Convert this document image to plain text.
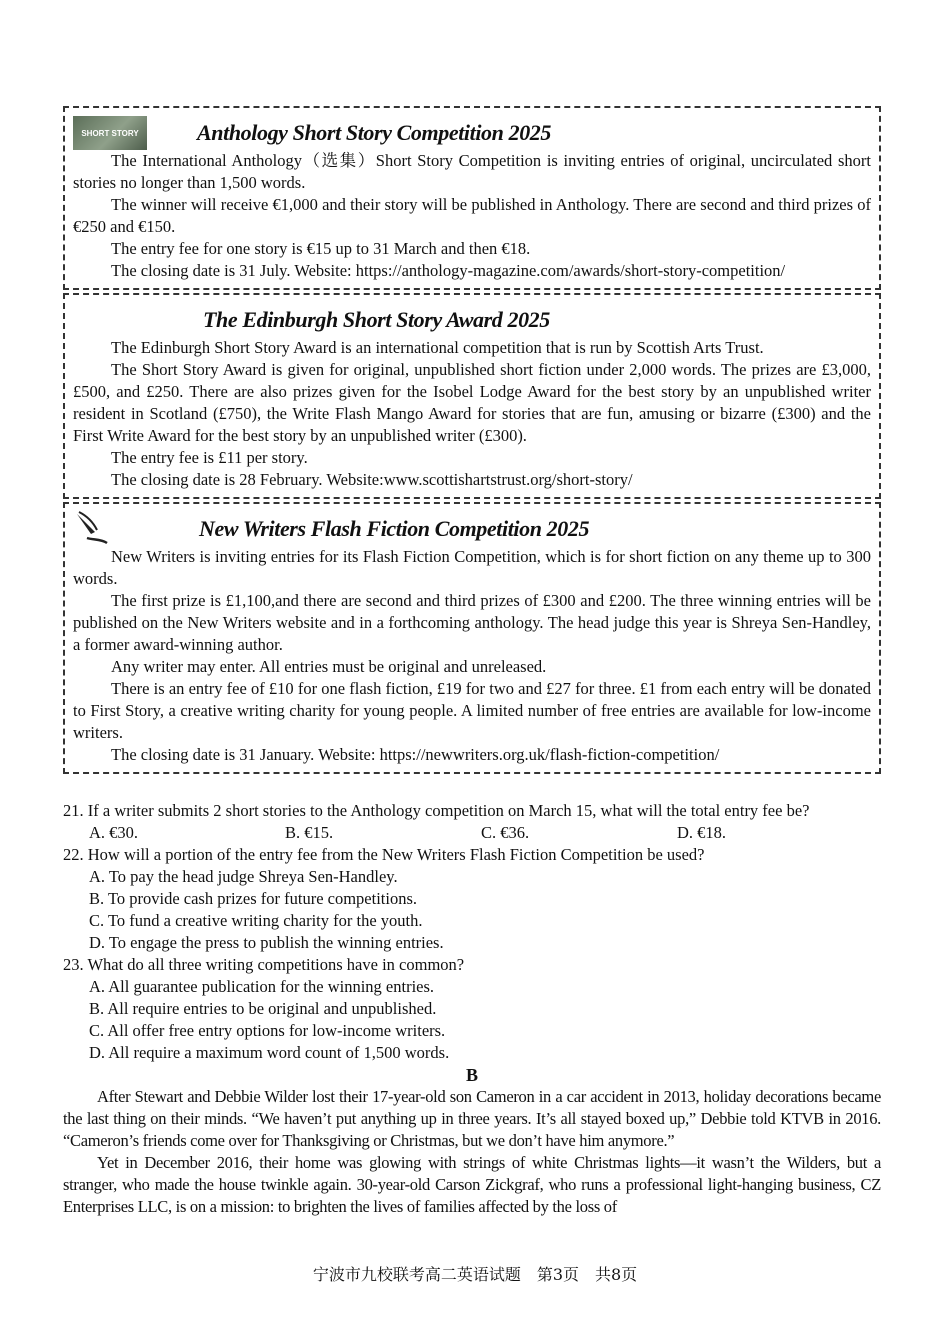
SHORT STORY	Anthology Short Story Competition 2025

The International Anthology（选集）Short Story Competition is inviting entries of original, uncirculated short stories no longer than 1,500 words.

The winner will receive €1,000 and their story will be published in Anthology. There are second and third prizes of €250 and €150.

The entry fee for one story is €15 up to 31 March and then €18.

The closing date is 31 July. Website: https://anthology-magazine.com/awards/short-story-competition/

The Edinburgh Short Story Award 2025

The Edinburgh Short Story Award is an international competition that is run by Scottish Arts Trust.

The Short Story Award is given for original, unpublished short fiction under 2,000 words. The prizes are £3,000, £500, and £250. There are also prizes given for the Isobel Lodge Award for the best story by an unpublished writer resident in Scotland (£750), the Write Flash Mango Award for stories that are fun, amusing or bizarre (£300) and the First Write Award for the best story by an unpublished writer (£300).

The entry fee is £11 per story.

The closing date is 28 February. Website:www.scottishartstrust.org/short-story/

New Writers Flash Fiction Competition 2025

New Writers is inviting entries for its Flash Fiction Competition, which is for short fiction on any theme up to 300 words.

The first prize is £1,100,and there are second and third prizes of £300 and £200. The three winning entries will be published on the New Writers website and in a forthcoming anthology. The head judge this year is Shreya Sen-Handley, a former award-winning author.

Any writer may enter. All entries must be original and unreleased.

There is an entry fee of £10 for one flash fiction, £19 for two and £27 for three. £1 from each entry will be donated to First Story, a creative writing charity for young people. A limited number of free entries are available for low-income writers.

The closing date is 31 January. Website: https://newwriters.org.uk/flash-fiction-competition/

21. If a writer submits 2 short stories to the Anthology competition on March 15, what will the total entry fee be?

A. €30.	B. €15.	C. €36.	D. €18.

22. How will a portion of the entry fee from the New Writers Flash Fiction Competition be used?

A. To pay the head judge Shreya Sen-Handley.
B. To provide cash prizes for future competitions.
C. To fund a creative writing charity for the youth.
D. To engage the press to publish the winning entries.

23. What do all three writing competitions have in common?

A. All guarantee publication for the winning entries.
B. All require entries to be original and unpublished.
C. All offer free entry options for low-income writers.
D. All require a maximum word count of 1,500 words.
B

After Stewart and Debbie Wilder lost their 17-year-old son Cameron in a car accident in 2013, holiday decorations became the last thing on their minds. “We haven’t put anything up in three years. It’s all stayed boxed up,” Debbie told KTVB in 2016. “Cameron’s friends come over for Thanksgiving or Christmas, but we don’t have him anymore.”

Yet in December 2016, their home was glowing with strings of white Christmas lights—it wasn’t the Wilders, but a stranger, who made the house twinkle again. 30-year-old Carson Zickgraf, who runs a professional light-hanging business, CZ Enterprises LLC, is on a mission: to brighten the lives of families affected by the loss of

宁波市九校联考高二英语试题　第3页　共8页
